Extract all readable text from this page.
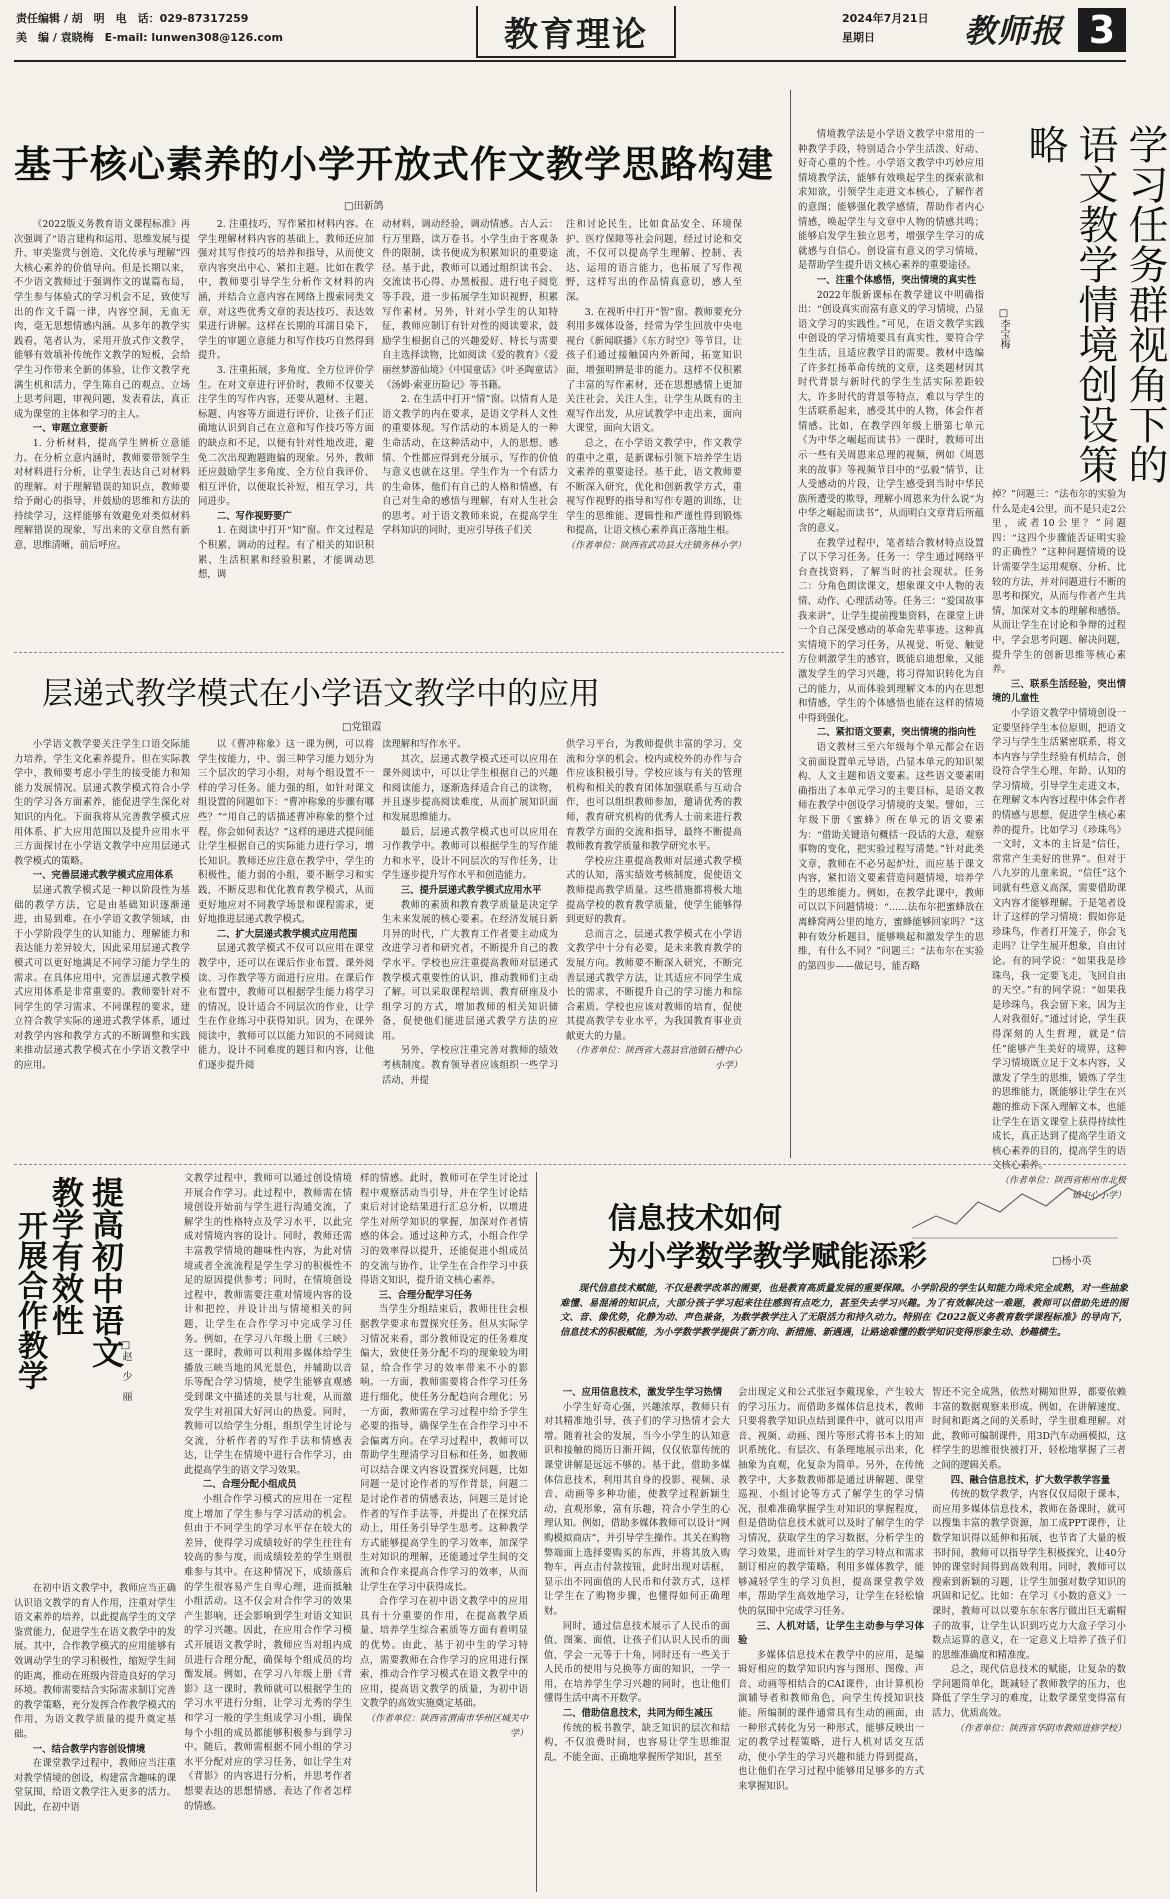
责任编辑 / 胡　明　电　话：029-87317259
美　编 / 袁晓梅　E-mail: lunwen308@126.com	教育理论	2024年7月21日
星期日	教师报 3
基于核心素养的小学开放式作文教学思路构建
□田新鸽
《2022版义务教育语文课程标准》再次强调了“语言建构和运用、思维发展与提升、审美鉴赏与创造、文化传承与理解”四大核心素养的价值导向。但是长期以来，不少语文教师过于强调作文的谋篇布局，学生参与体验式的学习机会不足，致使写出的作文千篇一律，内容空洞，无血无肉，毫无思想情感内涵。从多年的教学实践看，笔者认为，采用开放式作文教学，能够有效填补传统作文教学的短板，会给学生习作带来全新的体验，让作文教学充满生机和活力，学生陈自己的观点、立场上思考问题，审视问题，发表看法，真正成为课堂的主体和学习的主人。
一、审题立意要新
1. 分析材料，提高学生辨析立意能力。在分析立意内涵时，教师要带领学生对材料进行分析，让学生表达自己对材料的理解。对于理解错误的知识点，教师要给予耐心的指导，并鼓励的思维和方法的持续学习，这样能够有效避免对类似材料理解错误的现象，写出来的文章自然有新意，思维清晰，前后呼应。
2. 注重技巧，写作紧扣材料内容。在学生理解材料内容的基础上，教师还应加强对其写作技巧的培养和指导，从而使文章内容突出中心、紧扣主题。比如在教学中，教师要引导学生分析作文材料的内涵，并结合立意内容在网络上搜索同类文章，对这些优秀文章的表达技巧、表达效果进行讲解。这样在长期的耳濡目染下，学生的审题立意能力和写作技巧自然得到提升。
3. 注重拓展，多角度、全方位评价学生。在对文章进行评价时，教师不仅要关注学生的写作内容，还要从题材、主题、标题、内容等方面进行评价，让孩子们正确地认识到自己在立意和写作技巧等方面的缺点和不足，以便有针对性地改进，避免二次出现跑题跑偏的现象。另外，教师还应鼓励学生多角度、全方位自我评价、相互评价，以便取长补短，相互学习，共同进步。
二、写作视野要广
1. 在阅读中打开“知”窗。作文过程是个积累、调动的过程。有了相关的知识积累、生活积累和经验积累，才能调动思想，调
动材料，调动经验，调动情感。古人云：行万里路，读万卷书。小学生由于客观条件的限制，读书便成为积累知识的重要途径。基于此，教师可以通过组织读书会、交流读书心得、办黑板报、进行电子阅览等手段，进一步拓展学生知识视野，积累写作素材。另外，针对小学生的认知特征，教师应制订有针对性的阅读要求，鼓励学生根据自己的兴趣爱好、特长与需要自主选择读物，比如阅读《爱的教育》《爱丽丝梦游仙境》《中国童话》《叶圣陶童话》《汤姆·索亚历险记》等书籍。
2. 在生活中打开“情”窗。以情育人是语文教学的内在要求，是语文学科人文性的重要体现。写作活动的本质是人的一种生命活动，在这种活动中，人的思想、感情、个性都应得到充分展示，写作的价值与意义也就在这里。学生作为一个有活力的生命体，他们有自己的人格和情感，有自己对生命的感悟与理解，有对人生社会的思考。对于语文教师来说，在提高学生学科知识的同时，更应引导孩子们关
注和讨论民生，比如食品安全、环境保护、医疗保障等社会问题，经过讨论和交流，不仅可以提高学生理解、控制、表达、运用的语言能力，也拓展了写作视野，这样写出的作品情真意切，感人至深。
3. 在视听中打开“智”窗。教师要充分利用多媒体设备，经常为学生回放中央电视台《新闻联播》《东方时空》等节目，让孩子们通过接触国内外新闻，拓宽知识面，增强明辨是非的能力。这样不仅积累了丰富的写作素材，还在思想感情上更加关注社会，关注人生，让学生从既有的主观写作出发，从应试教学中走出来，面向大课堂，面向大语文。
总之，在小学语文教学中，作文教学的重中之重，是新课标引领下培养学生语文素养的重要途径。基于此，语文教师要不断深入研究，优化和创新教学方式，重视写作视野的指导和写作专题的训练，让学生的思维能、逻辑性和严谨性得到锻炼和提高，让语文核心素养真正落地生根。
（作者单位：陕西省武功县大庄镇务林小学）
层递式教学模式在小学语文教学中的应用
□党银霞
小学语文教学要关注学生口语交际能力培养，学生文化素养提升。但在实际教学中，教师要考虑小学生的接受能力和知能力发展情况。层递式教学模式符合小学生的学习各方面素养，能促进学生深化对知识的内化。下面我将从完善教学模式应用体系、扩大应用范围以及提升应用水平三方面探讨在小学语文教学中应用层递式教学模式的策略。
一、完善层递式教学模式应用体系
层递式教学模式是一种以阶段性为基础的教学方法，它是由基础知识逐渐递进，由易到难。在小学语文教学领域，由于小学阶段学生的认知能力、理解能力和表达能力差异较大，因此采用层递式教学模式可以更好地满足不同学习能力学生的需求。在具体应用中，完善层递式教学模式应用体系是非常重要的。教师要针对不同学生的学习需求、不同课程的要求，建立符合教学实际的递进式教学体系，通过对教学内容和教学方式的不断调整和实践来推动层递式教学模式在小学语文教学中的应用。
以《曹冲称象》这一课为例，可以将学生按能力，中、弱三种学习能力划分为三个层次的学习小组，对每个组设置不一样的学习任务。能力强的组，如针对课文组设置的问题如下：“曹冲称象的步骤有哪些？”“用自己的话描述曹冲称象的整个过程，你会如何表达？”这样的递进式提问能让学生根据自己的实际能力进行学习，增长知识。教师还应注意在教学中，学生的积极性，能力弱的小组，要不断学习和实践，不断反思和优化教育教学模式，从而更好地应对不同教学场景和课程需求，更好地推进层递式教学模式。
二、扩大层递式教学模式应用范围
层递式教学模式不仅可以应用在课堂教学中，还可以在课后作业布置、课外阅读、习作教学等方面进行应用。在课后作业布置中，教师可以根据学生能力将学习的情况，设计适合不同层次的作业，让学生在作业练习中获得知识。因为，在课外阅读中，教师可以以能力知识的不同阅读能力，设计不同难度的题目和内容，让他们逐步提升阅
读理解和写作水平。
其次，层递式教学模式还可以应用在课外阅读中，可以让学生根据自己的兴趣和阅读能力，逐渐选择适合自己的读物，并且逐步提高阅读难度，从而扩展知识面和发展思维能力。
最后，层递式教学模式也可以应用在习作教学中。教师可以根据学生的写作能力和水平，设计不同层次的写作任务，让学生逐步提升写作水平和创造能力。
三、提升层递式教学模式应用水平
教师的素质和教育教学质量是决定学生未来发展的核心要素。在经济发展日新月异的时代，广大教育工作者要主动成为改进学习者和研究者，不断提升自己的教学水平。学校也应注重提高教师对层递式教学模式重要性的认识，推动教师们主动了解。可以采取课程培训、教育研座及小组学习的方式，增加教师的相关知识储备，促使他们能进层递式教学方法的应用。
另外，学校应注重完善对教师的绩效考核制度。教育领导者应该组织一些学习活动，并提
供学习平台，为教师提供丰富的学习、交流和分享的机会。校内或校外的办作与合作应该积极引导。学校应该与有关的管理机构和相关的教育团体加强联系与互动合作，也可以组织教师参加，邀请优秀的教师，教育研究机构的优秀人士前来进行教育教学方面的交流和指导，最终不断提高教师教育教学质量和教学研究水平。
学校应注重提高教师对层递式教学模式的认知，落实绩效考核制度，促使语文教师提高教学质量。这些措施都将极大地提高学校的教育教学质量，使学生能够得到更好的教育。
总而言之，层递式教学模式在小学语文教学中十分有必要，是未来教育教学的发展方向。教师要不断深入研究，不断完善层递式教学方法，让其适应不同学生成长的需求，不断提升自己的学习能力和综合素质。学校也应该对教师的培育，促使其提高教学专业水平，为我国教育事业贡献更大的力量。
（作者单位：陕西省大荔县官池镇石槽中心小学）
学习任务群视角下的语文教学情境创设策略
□李宝梅
情境教学法是小学语文教学中常用的一种教学手段，特别适合小学生活泼、好动、好奇心重的个性。小学语文教学中巧妙应用情境教学法，能够有效唤起学生的探索欲和求知欲，引领学生走进文本核心，了解作者的意图；能够强化教学感情，帮助作者内心情感，唤起学生与文章中人物的情感共鸣；能够启发学生独立思考，增强学生学习的成就感与自信心。创设富有意义的学习情境，是帮助学生提升语文核心素养的重要途径。
一、注重个体感悟，突出情境的真实性
2022年版新课标在教学建议中明确指出：“创设真实而富有意义的学习情境，凸显语文学习的实践性。”可见，在语文教学实践中创设的学习情境要具有真实性，要符合学生生活，且适应教学目的需要。教材中选编了许多红扬革命传统的文章，这类题材因其时代背景与新时代的学生生活实际差距较大，许多时代的背景等特点，难以与学生的生活联系起来，感受其中的人物，体会作者情感。比如，在教学四年级上册第七单元《为中华之崛起而读书》一课时，教师可出示一些有关周恩来总理的视频，例如《周恩来的故事》等视频节目中的“弘毅”情节，让人受感动的片段，让学生感受到当时中华民族所遭受的欺辱，理解小周恩来为什么说“为中华之崛起而读书”，从而明白文章背后所蕴含的意义。
在教学过程中，笔者结合教材特点设置了以下学习任务。任务一：学生通过网络平台查找资料，了解当时的社会现状。任务二：分角色朗读课文，想象课文中人物的表情、动作、心理活动等。任务三：“爱国故事我来讲”，让学生提前搜集资料，在课堂上讲一个自己深受感动的革命先辈事迹。这种真实情境下的学习任务，从视觉、听觉、触觉方位刺激学生的感官，既能启迪想象，又能激发学生的学习兴趣，将习得知识转化为自己的能力，从而体验到理解文本的内在思想和情感，学生的个体感悟也能在这样的情境中得到强化。
二、紧扣语文要素，突出情境的指向性
语文教材三至六年级每个单元都会在语文前面设置单元导语，凸显本单元的知识架构、人文主题和语文要素。这些语文要素明确指出了本单元学习的主要目标，是语文教师在教学中创设学习情境的支架。譬如，三年级下册《蜜蜂》所在单元的语文要素为：“借助关键语句概括一段话的大意，观察事物的变化，把实验过程写清楚。”针对此类文章，教师在不必另起炉灶，而应基于课文内容，紧扣语文要素营造问题情境，培养学生的思维能力。例如，在教学此课中，教师可以以下问题情境：“……法布尔把蜜蜂放在离蜂窝两公里的地方，蜜蜂能够回家吗？”这种有效分析题目，能够唤起和激发学生的思维，有什么不同？”问题三：“法布尔在实验的第四步——做记号，能否略
掉？”问题三：“法布尔的实验为什么是走4公里，而不是只走2公里，或者10公里？”问题四：“这四个步骤能否证明实验的正确性？”这种问题情境的设计需要学生运用观察、分析、比较的方法，并对问题进行不断的思考和探究，从而与作者产生共情，加深对文本的理解和感悟。从而让学生在讨论和争辩的过程中，学会思考问题、解决问题，提升学生的创新思维等核心素养。
三、联系生活经验，突出情境的儿童性
小学语文教学中情境创设一定要坚持学生本位原则，把语文学习与学生生活紧密联系，将文本内容与学生经验有机结合，创设符合学生心理、年龄、认知的学习情境，引导学生走进文本，在理解文本内容过程中体会作者的情感与思想，促进学生核心素养的提升。比如学习《珍珠鸟》一文时，文本的主旨是“信任，常常产生美好的世界”。但对于八九岁的儿童来说，“信任”这个词就有些意义高深，需要借助课文内容才能够理解。于是笔者设计了这样的学习情境：假如你是珍珠鸟，作者打开笼子，你会飞走吗？让学生展开想象，自由讨论。有的同学说：“如果我是珍珠鸟，我一定要飞走，飞回自由的天空。”有的同学说：“如果我是珍珠鸟，我会留下来，因为主人对我很好。”通过讨论，学生获得深刻的人生哲理，就是“信任”能够产生美好的境界，这种学习情境既立足于文本内容，又激发了学生的思维，锻炼了学生的思维能力，既能够让学生在兴趣的推动下深入理解文本，也能让学生在语文课堂上获得持续性成长，真正达到了提高学生语文核心素养的目的，提高学生的语文核心素养。
（作者单位：陕西省彬州市北极镇中心小学）
提高初中语文教学有效性
开展合作教学	□赵　少　丽
在初中语文教学中，教师应当正确认识语文教学的育人作用，注重对学生语文素养的培养，以此提高学生的文学鉴赏能力，促进学生在语文教学中的发展。其中，合作教学模式的应用能够有效调动学生的学习积极性，缩短学生间的距离，推动在班级内营造良好的学习环境。教师需要结合实际需求制订完善的教学策略，充分发挥合作教学模式的作用，为语文教学质量的提升奠定基础。
一、结合教学内容创设情境
在课堂教学过程中，教师应当注重对教学情境的创设，构建富含趣味的课堂氛围，给语文教学注入更多的活力。因此，在初中语
文教学过程中，教师可以通过创设情境开展合作学习。此过程中，教师需在情境创设开始前与学生进行沟通交流，了解学生的性格特点及学习水平，以此完成对情境内容的设计。同时，教师还需丰富教学情境的趣味性内容，为此对情境或者全流流程是学生学习的积极性不足的原因提供参考；同时，在情境创设过程中，教师需要注重对情境内容的设计和把控，并设计出与情境相关的问题，让学生在合作学习中完成学习任务。例如，在学习八年级上册《三峡》这一课时，教师可以利用多媒体给学生播放三峡当地的风光景色，并辅助以音乐等配合学习情境，使学生能够直观感受到课文中描述的美景与壮观，从而激发学生对祖国大好河山的热爱。同时，教师可以给学生分组，组织学生讨论与交流，分析作者的写作手法和情感表达，让学生在情境中进行合作学习，由此提高学生的语文学习效果。
二、合理分配小组成员
小组合作学习模式的应用在一定程度上增加了学生参与学习活动的机会。但由于不同学生的学习水平存在较大的差异，使得学习成绩较好的学生往往有较高的参与度，而成绩较差的学生则很难参与其中。在这种情况下，成绩落后的学生很容易产生自卑心理，进而抵触小组活动。这不仅会对合作学习的效果产生影响，还会影响到学生对语文知识的学习兴趣。因此，在应用合作学习模式开展语文教学时，教师应当对组内成员进行合理分配，确保每个组成员的均衡发展。例如，在学习八年级上册《背影》这一课时，教师就可以根据学生的学习水平进行分组，让学习尤秀的学生和学习一般的学生组成学习小组，确保每个小组的成员都能够积极参与到学习中。随后，教师需根据不同小组的学习水平分配对应的学习任务，如让学生对《背影》的内容进行分析，并思考作者想要表达的思想情感，表达了作者怎样的情感。
样的情感。此时，教师可在学生讨论过程中观察活动当引导，并在学生讨论结束后对讨论结果进行汇总分析，以增进学生对所学知识的掌握，加深对作者情感的体会。通过这种方式，小组合作学习的效率得以提升，还能促进小组成员的交流与协作，让学生在合作学习中获得语文知识，提升语文核心素养。
三、合理分配学习任务
当学生分组结束后，教师往往会根据教学要求布置探究任务。但从实际学习情况来看，部分教师设定的任务难度偏大，致使任务分配不均的现象较为明显，给合作学习的效率带来不小的影响。一方面，教师需要将合作学习任务进行细化，使任务分配趋向合理化；另一方面，教师需在学习过程中给予学生必要的指导，确保学生在合作学习中不会偏离方向。在学习过程中，教师可以帮助学生理清学习目标和任务，如教师可以结合课文内容设置探究问题，比如问题一是讨论作者的写作背景，问题二是讨论作者的情感表达，问题三是讨论作者的写作手法等，并提出了在探究活动上，用任务引导学生思考。这种教学方式能够提高学生的学习效率，加深学生对知识的理解，还能通过学生间的交流和合作来提高合作学习的效率，从而让学生在学习中获得成长。
合作学习在初中语文教学中的应用具有十分重要的作用，在提高教学质量、培养学生综合素质等方面有着明显的优势。由此，基于初中生的学习特点，需要教师在合作学习的应用进行探索，推动合作学习模式在语文教学中的应用，提高语文教学的质量，为初中语文教学的高效实施奠定基础。
（作者单位：陕西省渭南市华州区城关中学）
信息技术如何
为小学数学教学赋能添彩	□杨小英
现代信息技术赋能，不仅是教学改革的需要，也是教育高质量发展的重要保障。小学阶段的学生认知能力尚未完全成熟，对一些抽象难懂、易混淆的知识点，大部分孩子学习起来往往感到有点吃力，甚至失去学习兴趣。为了有效解决这一难题，教师可以借助先进的图文、音、像优势，化静为动、声色兼备，为数学教学注入了无限活力和持久动力。特别在《2022版义务教育数学课程标准》的导向下，信息技术的积极赋能，为小学数学教学提供了新方向、新措施、新遇遇，让路途难懂的数学知识变得形象生动、妙趣横生。
一、应用信息技术，激发学生学习热情
小学生好奇心强，兴趣浓厚，教师只有对其精准地引导，孩子们的学习热情才会大增。随着社会的发展，当今小学生的认知意识和接触的阅历日渐开阔，仅仅依靠传统的课堂讲解是远远不够的。基于此，借助多媒体信息技术，利用其自身的投影、视频、录音、动画等多种功能，使教学过程新颖生动，直观形象，富有乐趣，符合小学生的心理认知。例如，借助多媒体教师可以设计“网购模拟商店”，并引导学生操作。其关在购物弊端面上选择要购买的东西，并将其放入购物车，再点击付款按钮，此时出现对话框，显示出不同面值的人民币和付款方式，这样让学生在了购物步骤，也懂得如何正确理财。
同时，通过信息技术展示了人民币的面值、图案、面值，让孩子们认识人民币的面值，学会一元等于十角，同时还有一些关于人民币的使用与兑换等方面的知识，一学一用，在培养学生学习兴趣的同时，也让他们懂得生活中离不开数学。
二、借助信息技术，共同为师生减压
传统的板书教学，缺乏知识的层次和结构，不仅浪费时间，也容易让学生思维混乱，不能全面、正确地掌握所学知识，甚至
会出现定义和公式张冠李戴现象，产生较大的学习压力。而借助多媒体信息技术，教师只要将教学知识点结到课件中，就可以用声音、视频、动画、图片等形式将书本上的知识系统化、有层次、有条理地展示出来，化抽象为直观，化复杂为简单。另外，在传统教学中，大多数教师都是通过讲解题、课堂巡视、小组讨论等方式了解学生的学习情况，很难准确掌握学生对知识的掌握程度，但是借助信息技术就可以及时了解学生的学习情况，获取学生的学习数据，分析学生的学习效果，进而针对学生的学习特点和需求制订相应的教学策略。利用多媒体教学，能够减轻学生的学习负担，提高课堂教学效率，帮助学生高效地学习，让学生在轻松愉快的氛围中完成学习任务。
三、人机对话，让学生主动参与学习体验
多媒体信息技术在教学中的应用，是编辑好相应的数学知识内容与图形、图像、声音、动画等相结合的CAI课件，由计算机扮演辅导者和教师角色，向学生传授知识技能。所编制的课件通常具有生动的画面，由一种形式转化为另一种形式，能够反映出一定的教学过程策略，进行人机对话交互活动，使小学生的学习兴趣和能力得到提高，也让他们在学习过程中能够用足够多的方式来掌握知识。
智还不完全成熟，依然对糊知世界，都要依赖丰富的数据观察来形成。例如，在讲解速度、时间和距离之间的关系时，学生很难理解。对此，教师可编制课件，用3D汽车动画模拟，这样学生的思维很快被打开，轻松地掌握了三者之间的逻辑关系。
四、融合信息技术，扩大数学教学容量
传统的数学教学，内容仅仅局限于课本，而应用多媒体信息技术，教师在备课时，就可以搜集丰富的教学资源，加工成PPT课件，让数学知识得以延伸和拓展，也节省了大量的板书时间，教师可以指导学生积极探究，让40分钟的课堂时间得到高效利用。同时，教师可以搜索到新颖的习题，让学生加强对数学知识的巩固和记忆。比如：在学习《小数的意义》一课时，教师可以以要东东东客厅做出巨无霸帽子的故事，让学生认识到巧克力大盒子学习小数点运算的意义，在一定意义上培养了孩子们的思维准确度和精准度。
总之，现代信息技术的赋能，让复杂的数学问题简单化，既减轻了教师教学的压力，也降低了学生学习的难度，让数学课堂变得富有活力、优质高效。
（作者单位：陕西省华阴市教师进修学校）
